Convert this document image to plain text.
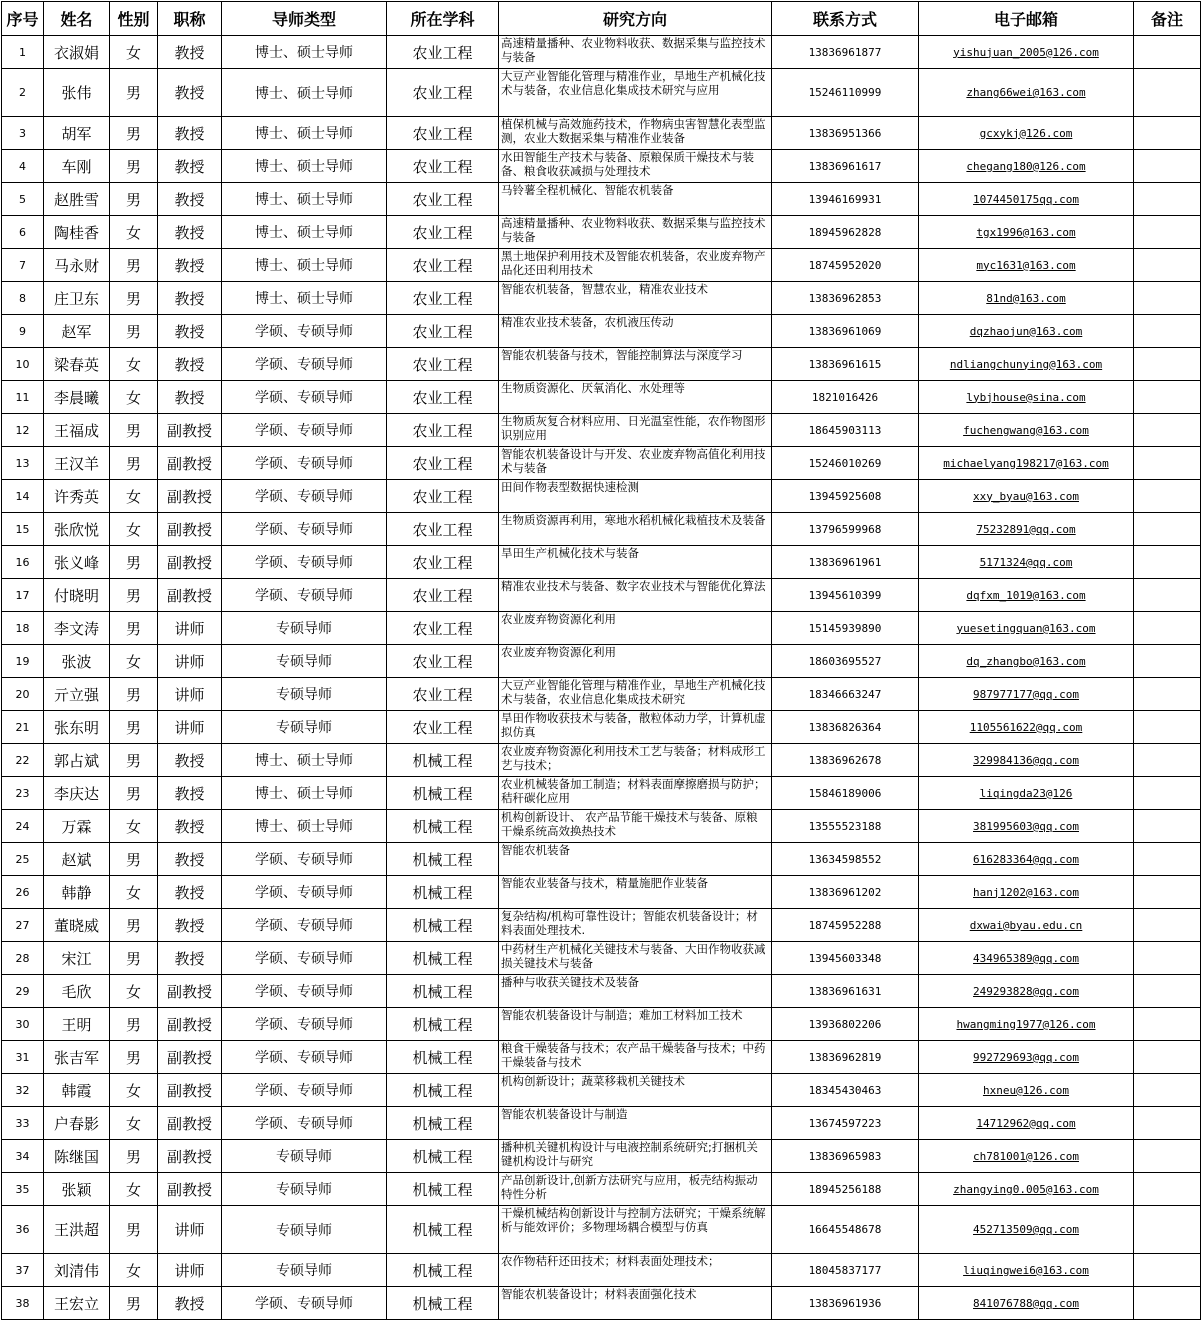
序号	姓名	性别	职称	导师类型	所在学科	研究方向	联系方式	电子邮箱	备注
1	衣淑娟	女	教授	博士、硕士导师	农业工程	高速精量播种、农业物料收获、数据采集与监控技术与装备	13836961877	yishujuan_2005@126.com	
2	张伟	男	教授	博士、硕士导师	农业工程	大豆产业智能化管理与精准作业，旱地生产机械化技术与装备，农业信息化集成技术研究与应用	15246110999	zhang66wei@163.com	
3	胡军	男	教授	博士、硕士导师	农业工程	植保机械与高效施药技术，作物病虫害智慧化表型监测，农业大数据采集与精准作业装备	13836951366	gcxykj@126.com	
4	车刚	男	教授	博士、硕士导师	农业工程	水田智能生产技术与装备、原粮保质干燥技术与装备、粮食收获减损与处理技术	13836961617	chegang180@126.com	
5	赵胜雪	男	教授	博士、硕士导师	农业工程	马铃薯全程机械化、智能农机装备	13946169931	1074450175qq.com	
6	陶桂香	女	教授	博士、硕士导师	农业工程	高速精量播种、农业物料收获、数据采集与监控技术与装备	18945962828	tgx1996@163.com	
7	马永财	男	教授	博士、硕士导师	农业工程	黑土地保护利用技术及智能农机装备，农业废弃物产品化还田利用技术	18745952020	myc1631@163.com	
8	庄卫东	男	教授	博士、硕士导师	农业工程	智能农机装备，智慧农业，精准农业技术	13836962853	81nd@163.com	
9	赵军	男	教授	学硕、专硕导师	农业工程	精准农业技术装备，农机液压传动	13836961069	dqzhaojun@163.com	
10	梁春英	女	教授	学硕、专硕导师	农业工程	智能农机装备与技术，智能控制算法与深度学习	13836961615	ndliangchunying@163.com	
11	李晨曦	女	教授	学硕、专硕导师	农业工程	生物质资源化、厌氧消化、水处理等	1821016426	lybjhouse@sina.com	
12	王福成	男	副教授	学硕、专硕导师	农业工程	生物质灰复合材料应用、日光温室性能，农作物图形识别应用	18645903113	fuchengwang@163.com	
13	王汉羊	男	副教授	学硕、专硕导师	农业工程	智能农机装备设计与开发、农业废弃物高值化利用技术与装备	15246010269	michaelyang198217@163.com	
14	许秀英	女	副教授	学硕、专硕导师	农业工程	田间作物表型数据快速检测	13945925608	xxy_byau@163.com	
15	张欣悦	女	副教授	学硕、专硕导师	农业工程	生物质资源再利用，寒地水稻机械化栽植技术及装备	13796599968	75232891@qq.com	
16	张义峰	男	副教授	学硕、专硕导师	农业工程	旱田生产机械化技术与装备	13836961961	5171324@qq.com	
17	付晓明	男	副教授	学硕、专硕导师	农业工程	精准农业技术与装备、数字农业技术与智能优化算法	13945610399	dqfxm_1019@163.com	
18	李文涛	男	讲师	专硕导师	农业工程	农业废弃物资源化利用	15145939890	yuesetingquan@163.com	
19	张波	女	讲师	专硕导师	农业工程	农业废弃物资源化利用	18603695527	dq_zhangbo@163.com	
20	亓立强	男	讲师	专硕导师	农业工程	大豆产业智能化管理与精准作业，旱地生产机械化技术与装备，农业信息化集成技术研究	18346663247	987977177@qq.com	
21	张东明	男	讲师	专硕导师	农业工程	旱田作物收获技术与装备，散粒体动力学，计算机虚拟仿真	13836826364	1105561622@qq.com	
22	郭占斌	男	教授	博士、硕士导师	机械工程	农业废弃物资源化利用技术工艺与装备；材料成形工艺与技术；	13836962678	329984136@qq.com	
23	李庆达	男	教授	博士、硕士导师	机械工程	农业机械装备加工制造；材料表面摩擦磨损与防护；秸秆碳化应用	15846189006	liqingda23@126	
24	万霖	女	教授	博士、硕士导师	机械工程	机构创新设计、 农产品节能干燥技术与装备、原粮干燥系统高效换热技术	13555523188	381995603@qq.com	
25	赵斌	男	教授	学硕、专硕导师	机械工程	智能农机装备	13634598552	616283364@qq.com	
26	韩静	女	教授	学硕、专硕导师	机械工程	智能农业装备与技术，精量施肥作业装备	13836961202	hanj1202@163.com	
27	董晓威	男	教授	学硕、专硕导师	机械工程	复杂结构/机构可靠性设计；智能农机装备设计；材料表面处理技术.	18745952288	dxwai@byau.edu.cn	
28	宋江	男	教授	学硕、专硕导师	机械工程	中药材生产机械化关键技术与装备、大田作物收获减损关键技术与装备	13945603348	434965389@qq.com	
29	毛欣	女	副教授	学硕、专硕导师	机械工程	播种与收获关键技术及装备	13836961631	249293828@qq.com	
30	王明	男	副教授	学硕、专硕导师	机械工程	智能农机装备设计与制造；难加工材料加工技术	13936802206	hwangming1977@126.com	
31	张吉军	男	副教授	学硕、专硕导师	机械工程	粮食干燥装备与技术；农产品干燥装备与技术；中药干燥装备与技术	13836962819	992729693@qq.com	
32	韩霞	女	副教授	学硕、专硕导师	机械工程	机构创新设计；蔬菜移栽机关键技术	18345430463	hxneu@126.com	
33	户春影	女	副教授	学硕、专硕导师	机械工程	智能农机装备设计与制造	13674597223	14712962@qq.com	
34	陈继国	男	副教授	专硕导师	机械工程	播种机关键机构设计与电液控制系统研究;打捆机关键机构设计与研究	13836965983	ch781001@126.com	
35	张颖	女	副教授	专硕导师	机械工程	产品创新设计,创新方法研究与应用，板壳结构振动特性分析	18945256188	zhangying0.005@163.com	
36	王洪超	男	讲师	专硕导师	机械工程	干燥机械结构创新设计与控制方法研究；干燥系统解析与能效评价；多物理场耦合模型与仿真	16645548678	452713509@qq.com	
37	刘清伟	女	讲师	专硕导师	机械工程	农作物秸秆还田技术；材料表面处理技术；	18045837177	liuqingwei6@163.com	
38	王宏立	男	教授	学硕、专硕导师	机械工程	智能农机装备设计；材料表面强化技术	13836961936	841076788@qq.com	
